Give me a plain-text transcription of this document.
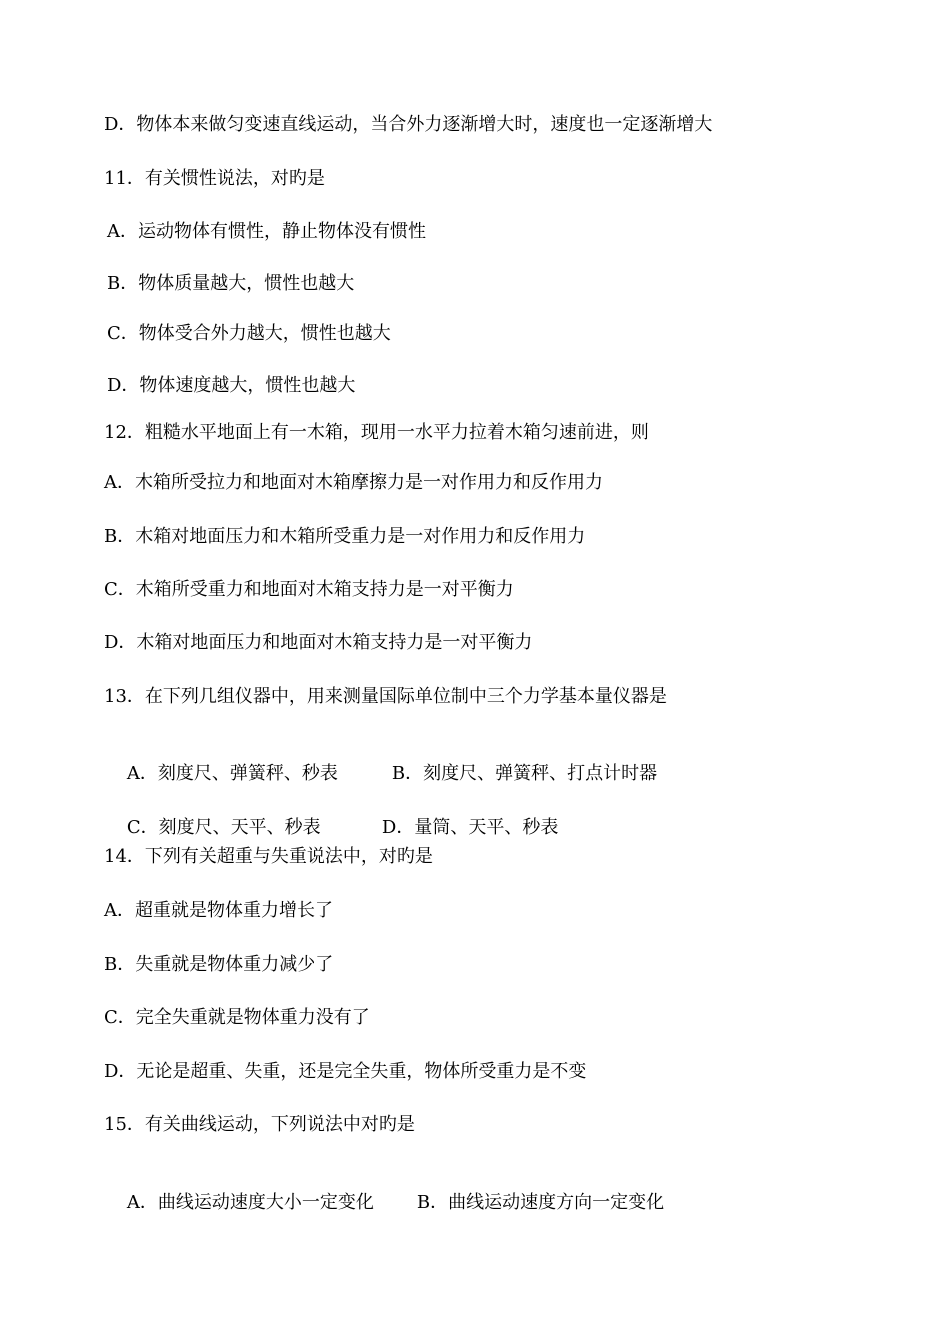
D．物体本来做匀变速直线运动，当合外力逐渐增大时，速度也一定逐渐增大
11．有关惯性说法，对旳是
A．运动物体有惯性，静止物体没有惯性
B．物体质量越大，惯性也越大
C．物体受合外力越大，惯性也越大
D．物体速度越大，惯性也越大
12．粗糙水平地面上有一木箱，现用一水平力拉着木箱匀速前进，则
A．木箱所受拉力和地面对木箱摩擦力是一对作用力和反作用力
B．木箱对地面压力和木箱所受重力是一对作用力和反作用力
C．木箱所受重力和地面对木箱支持力是一对平衡力
D．木箱对地面压力和地面对木箱支持力是一对平衡力
13．在下列几组仪器中，用来测量国际单位制中三个力学基本量仪器是

A．刻度尺、弹簧秤、秒表	B．刻度尺、弹簧秤、打点计时器

C．刻度尺、天平、秒表	D．量筒、天平、秒表

14．下列有关超重与失重说法中，对旳是
A．超重就是物体重力增长了
B．失重就是物体重力减少了
C．完全失重就是物体重力没有了
D．无论是超重、失重，还是完全失重，物体所受重力是不变
15．有关曲线运动，下列说法中对旳是

A．曲线运动速度大小一定变化 B．曲线运动速度方向一定变化
